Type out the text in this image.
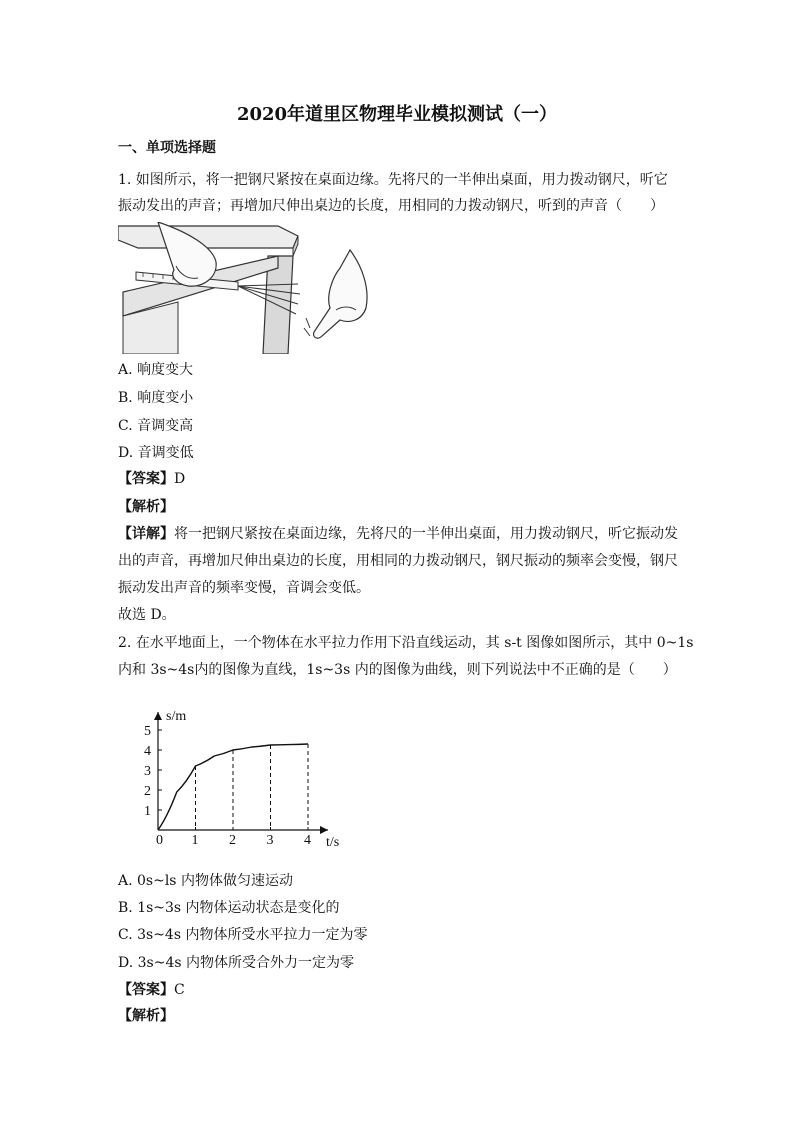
2020年道里区物理毕业模拟测试（一）
一、单项选择题
1. 如图所示，将一把钢尺紧按在桌面边缘。先将尺的一半伸出桌面，用力拨动钢尺，听它
振动发出的声音；再增加尺伸出桌边的长度，用相同的力拨动钢尺，听到的声音（　　）
A. 响度变大
B. 响度变小
C. 音调变高
D. 音调变低
【答案】D
【解析】
【详解】将一把钢尺紧按在桌面边缘，先将尺的一半伸出桌面，用力拨动钢尺，听它振动发
出的声音，再增加尺伸出桌边的长度，用相同的力拨动钢尺，钢尺振动的频率会变慢，钢尺
振动发出声音的频率变慢，音调会变低。
故选 D。
2. 在水平地面上，一个物体在水平拉力作用下沿直线运动，其 s-t 图像如图所示，其中 0~1s
内和 3s~4s内的图像为直线，1s~3s 内的图像为曲线，则下列说法中不正确的是（　　）
s/m
t/s
0 1 2 3 4
1
2
3
4
5
A. 0s~ls 内物体做匀速运动
B. 1s~3s 内物体运动状态是变化的
C. 3s~4s 内物体所受水平拉力一定为零
D. 3s~4s 内物体所受合外力一定为零
【答案】C
【解析】
